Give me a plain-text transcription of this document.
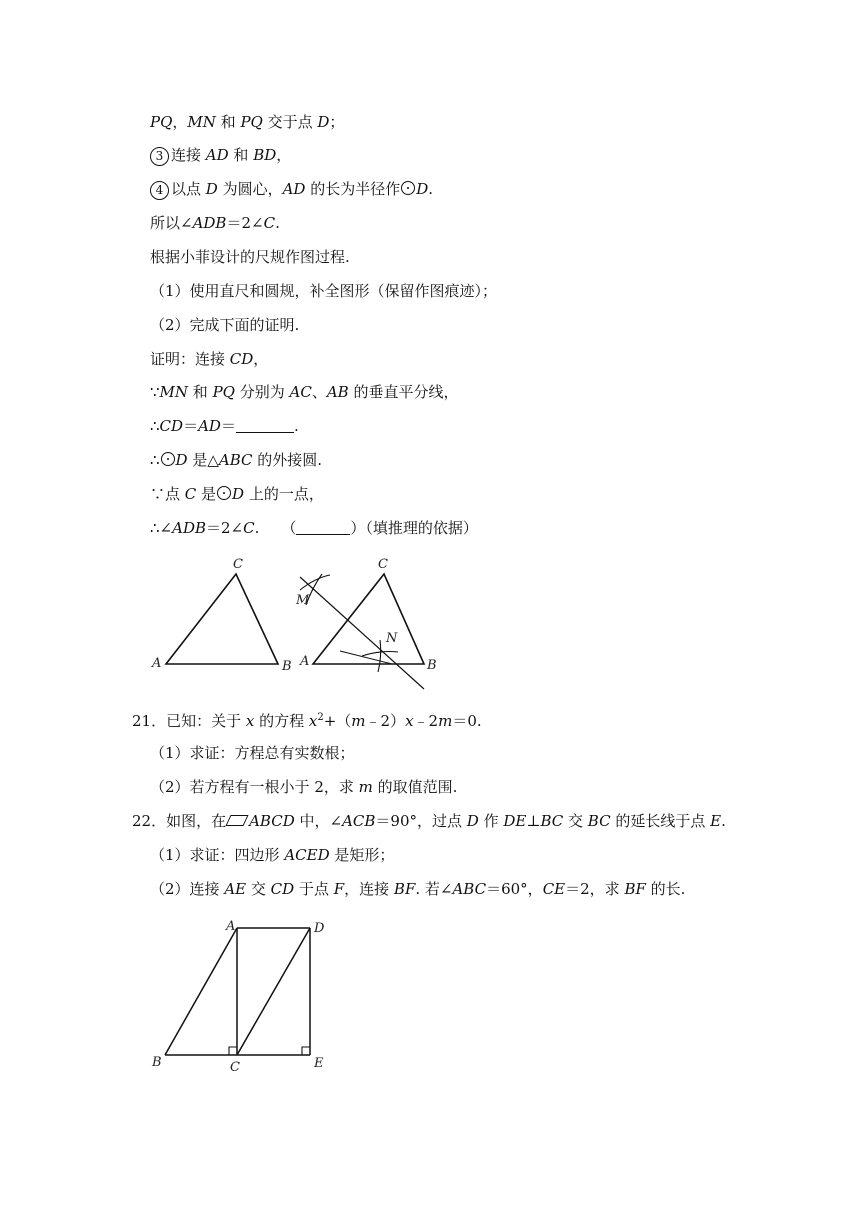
PQ，MN 和 PQ 交于点 D；
3 连接 AD 和 BD，
4 以点 D 为圆心，AD 的长为半径作 D.
所以∠ADB＝2∠C.
根据小菲设计的尺规作图过程.
（1）使用直尺和圆规，补全图形（保留作图痕迹）；
（2）完成下面的证明.
证明：连接 CD，
∵MN 和 PQ 分别为 AC、AB 的垂直平分线，
∴CD＝AD＝	.
∴ D 是△ABC 的外接圆.
∵点 C 是 D 上的一点，
∴∠ADB＝2∠C. （	）（填推理的依据）
A	B
C
A	B
C
M
N
21．已知：关于 x 的方程 $x^2+(m﹣2)x﹣2m=0$.
（1）求证：方程总有实数根；
（2）若方程有一根小于 2，求 m 的取值范围.
22．如图，在 ABCD 中，∠ACB＝90°，过点 D 作 DE⊥BC 交 BC 的延长线于点 E.
（1）求证：四边形 ACED 是矩形；
（2）连接 AE 交 CD 于点 F，连接 BF. 若∠ABC＝60°，CE＝2，求 BF 的长.
A	D
B	C	E
